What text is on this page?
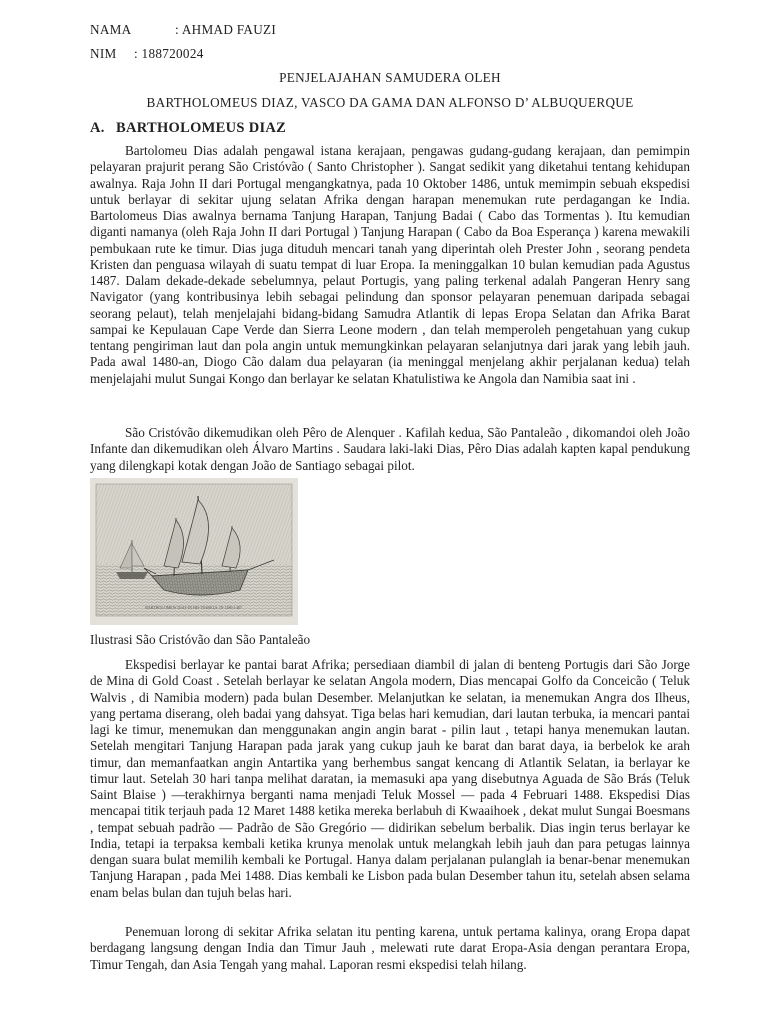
NAMA	: AHMAD FAUZI
NIM : 188720024
PENJELAJAHAN SAMUDERA OLEH
BARTHOLOMEUS DIAZ, VASCO DA GAMA DAN ALFONSO D’ ALBUQUERQUE
A. BARTHOLOMEUS DIAZ

Bartolomeu Dias adalah pengawal istana kerajaan, pengawas gudang-gudang kerajaan, dan pemimpin pelayaran prajurit perang São Cristóvão ( Santo Christopher ). Sangat sedikit yang diketahui tentang kehidupan awalnya. Raja John II dari Portugal mengangkatnya, pada 10 Oktober 1486, untuk memimpin sebuah ekspedisi untuk berlayar di sekitar ujung selatan Afrika dengan harapan menemukan rute perdagangan ke India. Bartolomeus Dias awalnya bernama Tanjung Harapan, Tanjung Badai ( Cabo das Tormentas ). Itu kemudian diganti namanya (oleh Raja John II dari Portugal ) Tanjung Harapan ( Cabo da Boa Esperança ) karena mewakili pembukaan rute ke timur. Dias juga dituduh mencari tanah yang diperintah oleh Prester John , seorang pendeta Kristen dan penguasa wilayah di suatu tempat di luar Eropa. Ia meninggalkan 10 bulan kemudian pada Agustus 1487. Dalam dekade-dekade sebelumnya, pelaut Portugis, yang paling terkenal adalah Pangeran Henry sang Navigator (yang kontribusinya lebih sebagai pelindung dan sponsor pelayaran penemuan daripada sebagai seorang pelaut), telah menjelajahi bidang-bidang Samudra Atlantik di lepas Eropa Selatan dan Afrika Barat sampai ke Kepulauan Cape Verde dan Sierra Leone modern , dan telah memperoleh pengetahuan yang cukup tentang pengiriman laut dan pola angin untuk memungkinkan pelayaran selanjutnya dari jarak yang lebih jauh. Pada awal 1480-an, Diogo Cão dalam dua pelayaran (ia meninggal menjelang akhir perjalanan kedua) telah menjelajahi mulut Sungai Kongo dan berlayar ke selatan Khatulistiwa ke Angola dan Namibia saat ini .

São Cristóvão dikemudikan oleh Pêro de Alenquer . Kafilah kedua, São Pantaleão , dikomandoi oleh João Infante dan dikemudikan oleh Álvaro Martins . Saudara laki-laki Dias, Pêro Dias adalah kapten kapal pendukung yang dilengkapi kotak dengan João de Santiago sebagai pilot.

BARTHOLOMEW DIAS IN HIS VESSELS, IN 1486-1487.
Ilustrasi São Cristóvão dan São Pantaleão

Ekspedisi berlayar ke pantai barat Afrika; persediaan diambil di jalan di benteng Portugis dari São Jorge de Mina di Gold Coast . Setelah berlayar ke selatan Angola modern, Dias mencapai Golfo da Conceicão ( Teluk Walvis , di Namibia modern) pada bulan Desember. Melanjutkan ke selatan, ia menemukan Angra dos Ilheus, yang pertama diserang, oleh badai yang dahsyat. Tiga belas hari kemudian, dari lautan terbuka, ia mencari pantai lagi ke timur, menemukan dan menggunakan angin angin barat - pilin laut , tetapi hanya menemukan lautan. Setelah mengitari Tanjung Harapan pada jarak yang cukup jauh ke barat dan barat daya, ia berbelok ke arah timur, dan memanfaatkan angin Antartika yang berhembus sangat kencang di Atlantik Selatan, ia berlayar ke timur laut. Setelah 30 hari tanpa melihat daratan, ia memasuki apa yang disebutnya Aguada de São Brás (Teluk Saint Blaise ) —terakhirnya berganti nama menjadi Teluk Mossel — pada 4 Februari 1488. Ekspedisi Dias mencapai titik terjauh pada 12 Maret 1488 ketika mereka berlabuh di Kwaaihoek , dekat mulut Sungai Boesmans , tempat sebuah padrão — Padrão de São Gregório — didirikan sebelum berbalik. Dias ingin terus berlayar ke India, tetapi ia terpaksa kembali ketika krunya menolak untuk melangkah lebih jauh dan para petugas lainnya dengan suara bulat memilih kembali ke Portugal. Hanya dalam perjalanan pulanglah ia benar-benar menemukan Tanjung Harapan , pada Mei 1488. Dias kembali ke Lisbon pada bulan Desember tahun itu, setelah absen selama enam belas bulan dan tujuh belas hari.

Penemuan lorong di sekitar Afrika selatan itu penting karena, untuk pertama kalinya, orang Eropa dapat berdagang langsung dengan India dan Timur Jauh , melewati rute darat Eropa-Asia dengan perantara Eropa, Timur Tengah, dan Asia Tengah yang mahal. Laporan resmi ekspedisi telah hilang.
